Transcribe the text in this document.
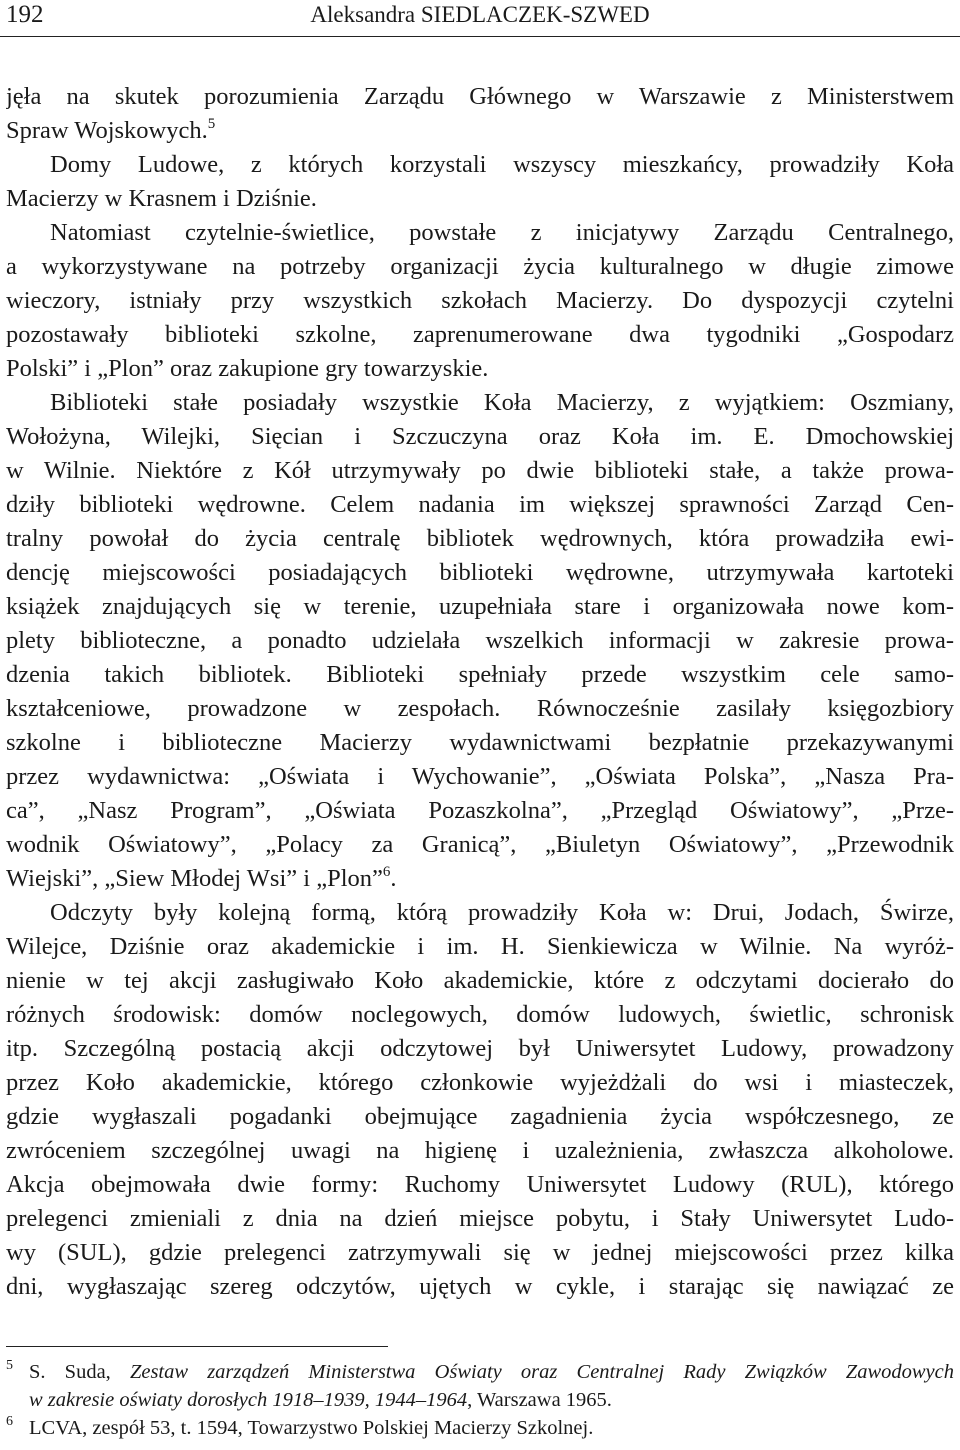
192	Aleksandra SIEDLACZEK-SZWED
jęła na skutek porozumienia Zarządu Głównego w Warszawie z Ministerstwem
Spraw Wojskowych.$^5$
Domy Ludowe, z których korzystali wszyscy mieszkańcy, prowadziły Koła
Macierzy w Krasnem i Dziśnie.
Natomiast czytelnie-świetlice, powstałe z inicjatywy Zarządu Centralnego,
a wykorzystywane na potrzeby organizacji życia kulturalnego w długie zimowe
wieczory, istniały przy wszystkich szkołach Macierzy. Do dyspozycji czytelni
pozostawały biblioteki szkolne, zaprenumerowane dwa tygodniki „Gospodarz
Polski” i „Plon” oraz zakupione gry towarzyskie.
Biblioteki stałe posiadały wszystkie Koła Macierzy, z wyjątkiem: Oszmiany,
Wołożyna, Wilejki, Sięcian i Szczuczyna oraz Koła im. E. Dmochowskiej
w Wilnie. Niektóre z Kół utrzymywały po dwie biblioteki stałe, a także prowa-
dziły biblioteki wędrowne. Celem nadania im większej sprawności Zarząd Cen-
tralny powołał do życia centralę bibliotek wędrownych, która prowadziła ewi-
dencję miejscowości posiadających biblioteki wędrowne, utrzymywała kartoteki
książek znajdujących się w terenie, uzupełniała stare i organizowała nowe kom-
plety biblioteczne, a ponadto udzielała wszelkich informacji w zakresie prowa-
dzenia takich bibliotek. Biblioteki spełniały przede wszystkim cele samo-
kształceniowe, prowadzone w zespołach. Równocześnie zasilały księgozbiory
szkolne i biblioteczne Macierzy wydawnictwami bezpłatnie przekazywanymi
przez wydawnictwa: „Oświata i Wychowanie”, „Oświata Polska”, „Nasza Pra-
ca”, „Nasz Program”, „Oświata Pozaszkolna”, „Przegląd Oświatowy”, „Prze-
wodnik Oświatowy”, „Polacy za Granicą”, „Biuletyn Oświatowy”, „Przewodnik
Wiejski”, „Siew Młodej Wsi” i „Plon”$^6$.
Odczyty były kolejną formą, którą prowadziły Koła w: Drui, Jodach, Świrze,
Wilejce, Dziśnie oraz akademickie i im. H. Sienkiewicza w Wilnie. Na wyróż-
nienie w tej akcji zasługiwało Koło akademickie, które z odczytami docierało do
różnych środowisk: domów noclegowych, domów ludowych, świetlic, schronisk
itp. Szczególną postacią akcji odczytowej był Uniwersytet Ludowy, prowadzony
przez Koło akademickie, którego członkowie wyjeżdżali do wsi i miasteczek,
gdzie wygłaszali pogadanki obejmujące zagadnienia życia współczesnego, ze
zwróceniem szczególnej uwagi na higienę i uzależnienia, zwłaszcza alkoholowe.
Akcja obejmowała dwie formy: Ruchomy Uniwersytet Ludowy (RUL), którego
prelegenci zmieniali z dnia na dzień miejsce pobytu, i Stały Uniwersytet Ludo-
wy (SUL), gdzie prelegenci zatrzymywali się w jednej miejscowości przez kilka
dni, wygłaszając szereg odczytów, ujętych w cykle, i starając się nawiązać ze
5 S. Suda, Zestaw zarządzeń Ministerstwa Oświaty oraz Centralnej Rady Związków Zawodowych
w zakresie oświaty dorosłych 1918–1939, 1944–1964, Warszawa 1965.
6 LCVA, zespół 53, t. 1594, Towarzystwo Polskiej Macierzy Szkolnej.
